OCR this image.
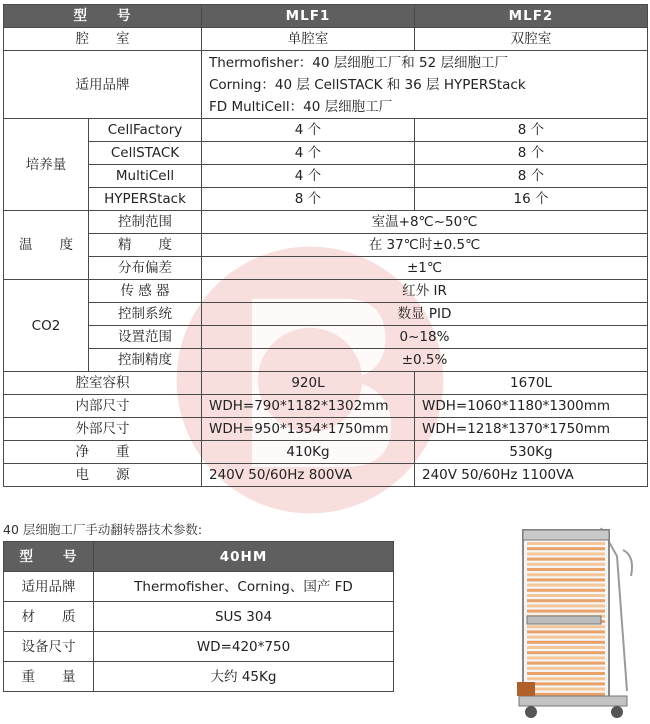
型　　号		MLF1	MLF2
腔　　室		单腔室	双腔室
适用品牌		Thermofisher：40 层细胞工厂和 52 层细胞工厂
Corning：40 层 CellSTACK 和 36 层 HYPERStack
FD MultiCell：40 层细胞工厂	

培养量	CellFactory	4 个	8 个
	CellSTACK	4 个	8 个
	MultiCell	4 个	8 个
	HYPERStack	8 个	16 个
温　　度	控制范围	室温+8℃~50℃	
	精　　度	在 37℃时±0.5℃	
	分布偏差	±1℃	
CO2	传 感 器	红外 IR	
	控制系统	数显 PID	
	设置范围	0~18%	
	控制精度	±0.5%	
腔室容积		920L	1670L
内部尺寸		WDH=790*1182*1302mm	WDH=1060*1180*1300mm
外部尺寸		WDH=950*1354*1750mm	WDH=1218*1370*1750mm
净　　重		410Kg	530Kg
电　　源		240V 50/60Hz 800VA	240V 50/60Hz 1100VA
40 层细胞工厂手动翻转器技术参数:
型　　号	40HM
适用品牌	Thermofisher、Corning、国产 FD
材　　质	SUS 304
设备尺寸	WD=420*750
重　　量	大约 45Kg
